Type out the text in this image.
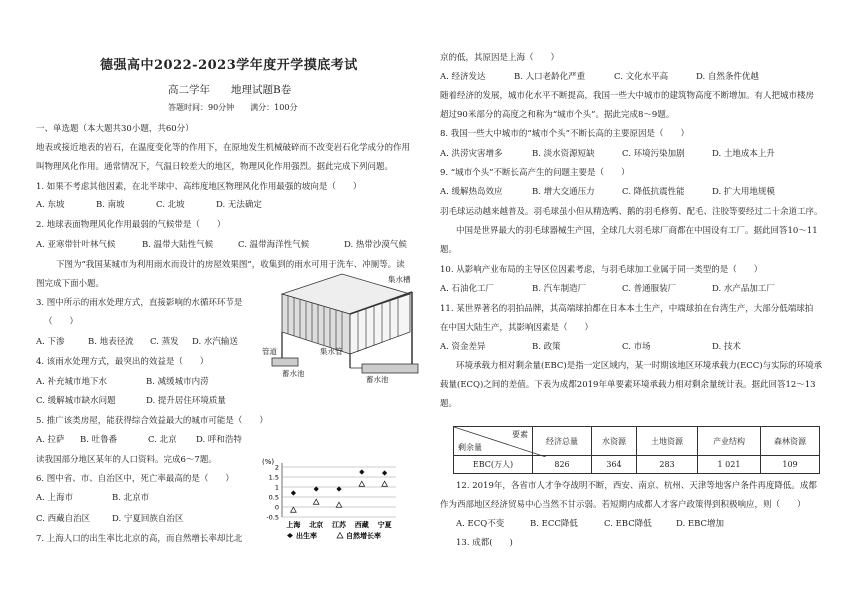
德强高中2022-2023学年度开学摸底考试
高二学年　　地理试题B卷
答题时间：90分钟　　满分：100分
一、单选题（本大题共30小题，共60分）
地表或接近地表的岩石，在温度变化等的作用下，在原地发生机械破碎而不改变岩石化学成分的作用
叫物理风化作用。通常情况下，气温日较差大的地区，物理风化作用强烈。据此完成下列问题。
1. 如果不考虑其他因素，在北半球中、高纬度地区物理风化作用最强的坡向是（　　）
A. 东坡	B. 南坡	C. 北坡	D. 无法确定
2. 地球表面物理风化作用最弱的气候带是（　　）
A. 亚寒带针叶林气候	B. 温带大陆性气候	C. 温带海洋性气候	D. 热带沙漠气候
下图为“我国某城市为利用雨水而设计的房屋效果图”，收集到的雨水可用于洗车、冲厕等。读
图完成下面小题。
3. 图中所示的雨水处理方式，直接影响的水循环环节是
（　　）
A. 下渗	B. 地表径流 C. 蒸发 D. 水汽输送
4. 该雨水处理方式，最突出的效益是（　　）
A. 补充城市地下水	B. 减缓城市内涝
C. 缓解城市缺水问题	D. 提升居住环境质量
5. 推广该类房屋，能获得综合效益最大的城市可能是（　　）
A. 拉萨 B. 吐鲁番	C. 北京 D. 呼和浩特
读我国部分地区某年的人口资料。完成6～7题。
6. 图中省、市、自治区中，死亡率最高的是（　　）
A. 上海市	B. 北京市
C. 西藏自治区	D. 宁夏回族自治区
7. 上海人口的出生率比北京的高，而自然增长率却比北
集水槽
管道	集水管
蓄水池
蓄水池
(%)
2
1.5
1
0.5
0
-0.5
上海 北京 江苏 西藏 宁夏
出生率	自然增长率
京的低，其原因是上海（　　）
A. 经济发达	B. 人口老龄化严重	C. 文化水平高	D. 自然条件优越
随着经济的发展，城市化水平不断提高，我国一些大中城市的建筑物高度不断增加。有人把城市楼房
超过90米部分的高度之和称为“城市个头”。据此完成8～9题。
8. 我国一些大中城市的“城市个头”不断长高的主要原因是（　　）
A. 洪涝灾害增多	B. 淡水资源短缺	C. 环境污染加剧	D. 土地成本上升
9. “城市个头”不断长高产生的问题主要是（　　）
A. 缓解热岛效应	B. 增大交通压力	C. 降低抗震性能	D. 扩大用地规模
羽毛球运动越来越普及。羽毛球虽小但从精选鸭、鹅的羽毛修剪、配毛、注胶等要经过二十余道工序。
中国是世界最大的羽毛球器械生产国，全球几大羽毛球厂商都在中国设有工厂。据此回答10～11
题。
10. 从影响产业布局的主导区位因素考虑，与羽毛球加工业属于同一类型的是（　　）
A. 石油化工厂	B. 汽车制造厂	C. 普通服装厂	D. 水产品加工厂
11. 某世界著名的羽拍品牌，其高端球拍都在日本本土生产，中端球拍在台湾生产，大部分低端球拍
在中国大陆生产，其影响因素是（　　）
A. 资金差异	B. 政策	C. 市场	D. 技术
环境承载力相对剩余量(EBC)是指一定区域内，某一时期该地区环境承载力(ECC)与实际的环境承
载量(ECQ)之间的差值。下表为成都2019年单要素环境承载力相对剩余量统计表。据此回答12～13
题。
要素
剩余量	经济总量	水资源	土地资源	产业结构	森林资源
EBC(万人)	826	364	283	1 021	109
12. 2019年，各省市人才争夺战明不断，西安、南京、杭州、天津等地客户条件再度降低。成都
作为西部地区经济贸易中心当然不甘示弱。若短期内成都人才客户政策得到积极响应，则（　　）
A. ECQ不变	B. ECC降低	C. EBC降低	D. EBC增加
13. 成都(　　)
